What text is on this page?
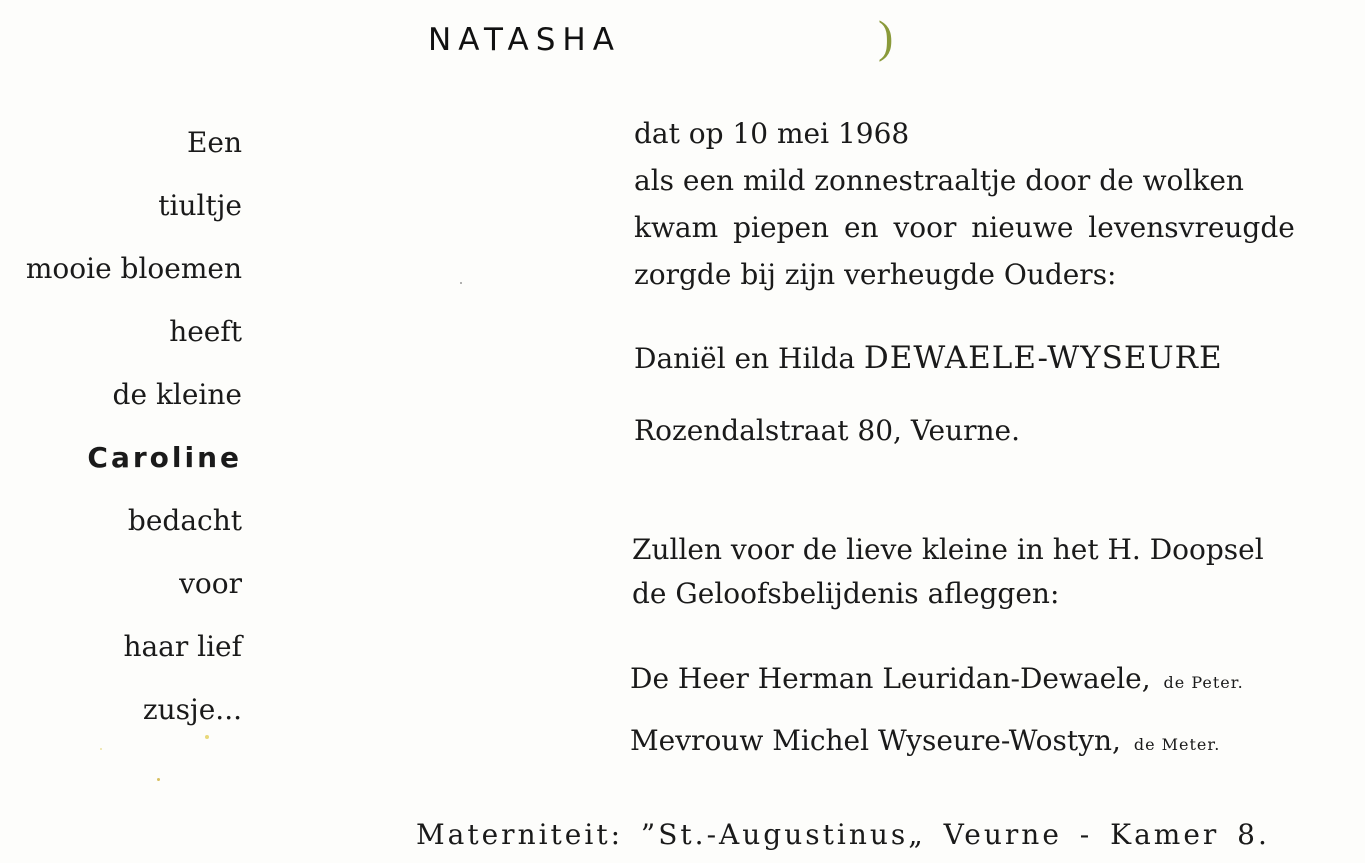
NATASHA	)
Een
tiultje
mooie bloemen
heeft
de kleine
Caroline
bedacht
voor
haar lief
zusje...
dat op 10 mei 1968
als een mild zonnestraaltje door de wolken
kwam piepen en voor nieuwe levensvreugde
zorgde bij zijn verheugde Ouders:
Daniël en Hilda DEWAELE-WYSEURE
Rozendalstraat 80, Veurne.
Zullen voor de lieve kleine in het H. Doopsel
de Geloofsbelijdenis afleggen:
De Heer Herman Leuridan-Dewaele, de Peter.
Mevrouw Michel Wyseure-Wostyn, de Meter.
Materniteit: ”St.-Augustinus„ Veurne - Kamer 8.
